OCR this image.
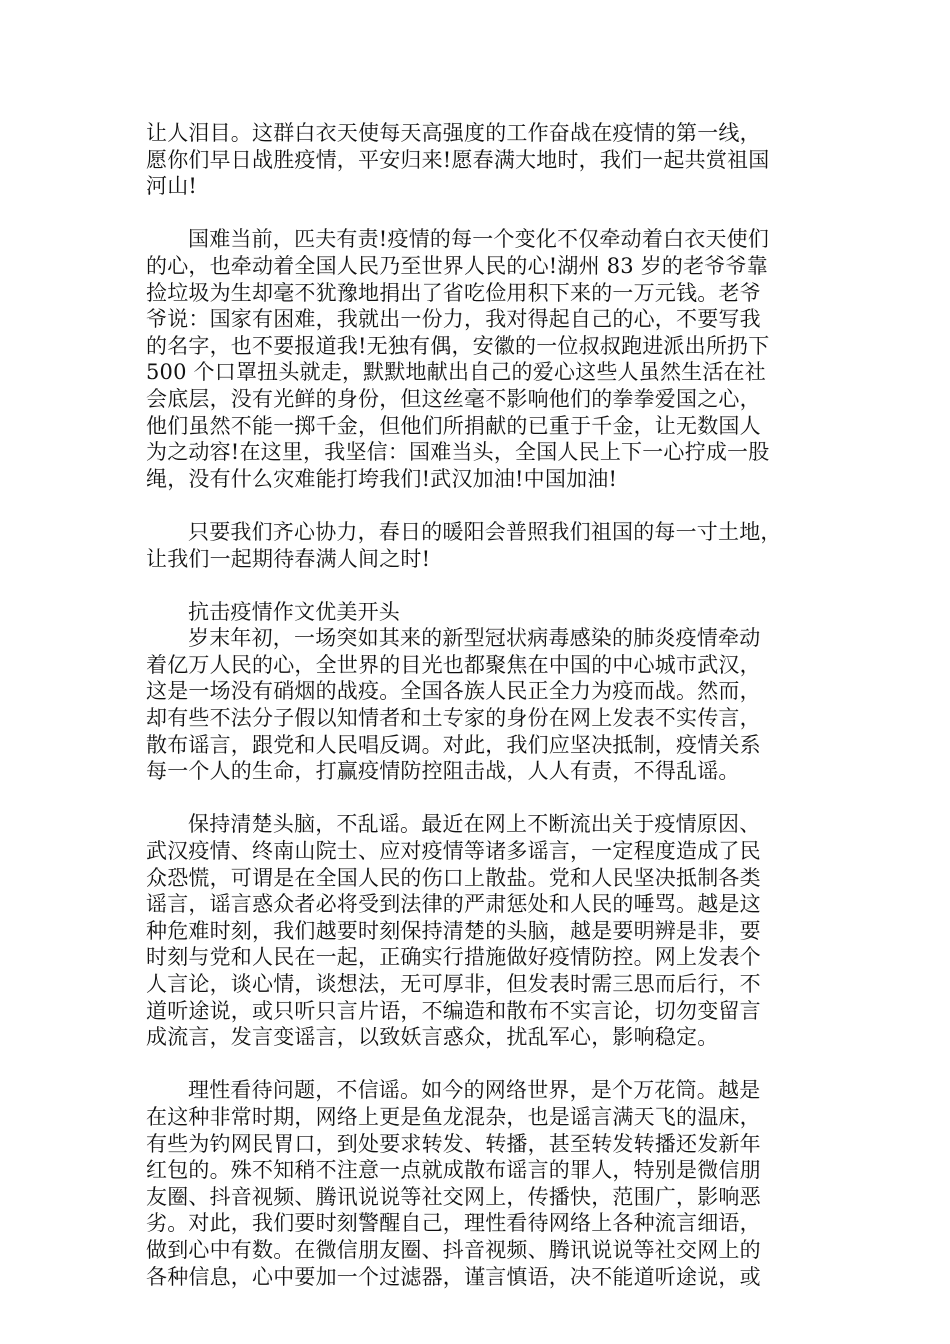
让人泪目。这群白衣天使每天高强度的工作奋战在疫情的第一线，
愿你们早日战胜疫情，平安归来!愿春满大地时，我们一起共赏祖国
河山!
国难当前，匹夫有责!疫情的每一个变化不仅牵动着白衣天使们
的心，也牵动着全国人民乃至世界人民的心!湖州 83 岁的老爷爷靠
捡垃圾为生却毫不犹豫地捐出了省吃俭用积下来的一万元钱。老爷
爷说：国家有困难，我就出一份力，我对得起自己的心，不要写我
的名字，也不要报道我!无独有偶，安徽的一位叔叔跑进派出所扔下
500 个口罩扭头就走，默默地献出自己的爱心这些人虽然生活在社
会底层，没有光鲜的身份，但这丝毫不影响他们的拳拳爱国之心，
他们虽然不能一掷千金，但他们所捐献的已重于千金，让无数国人
为之动容!在这里，我坚信：国难当头，全国人民上下一心拧成一股
绳，没有什么灾难能打垮我们!武汉加油!中国加油!
只要我们齐心协力，春日的暖阳会普照我们祖国的每一寸土地，
让我们一起期待春满人间之时!
抗击疫情作文优美开头
岁末年初，一场突如其来的新型冠状病毒感染的肺炎疫情牵动
着亿万人民的心，全世界的目光也都聚焦在中国的中心城市武汉，
这是一场没有硝烟的战疫。全国各族人民正全力为疫而战。然而，
却有些不法分子假以知情者和土专家的身份在网上发表不实传言，
散布谣言，跟党和人民唱反调。对此，我们应坚决抵制，疫情关系
每一个人的生命，打赢疫情防控阻击战，人人有责，不得乱谣。
保持清楚头脑，不乱谣。最近在网上不断流出关于疫情原因、
武汉疫情、终南山院士、应对疫情等诸多谣言，一定程度造成了民
众恐慌，可谓是在全国人民的伤口上散盐。党和人民坚决抵制各类
谣言，谣言惑众者必将受到法律的严肃惩处和人民的唾骂。越是这
种危难时刻，我们越要时刻保持清楚的头脑，越是要明辨是非，要
时刻与党和人民在一起，正确实行措施做好疫情防控。网上发表个
人言论，谈心情，谈想法，无可厚非，但发表时需三思而后行，不
道听途说，或只听只言片语，不编造和散布不实言论，切勿变留言
成流言，发言变谣言，以致妖言惑众，扰乱军心，影响稳定。
理性看待问题，不信谣。如今的网络世界，是个万花筒。越是
在这种非常时期，网络上更是鱼龙混杂，也是谣言满天飞的温床，
有些为钓网民胃口，到处要求转发、转播，甚至转发转播还发新年
红包的。殊不知稍不注意一点就成散布谣言的罪人，特别是微信朋
友圈、抖音视频、腾讯说说等社交网上，传播快，范围广，影响恶
劣。对此，我们要时刻警醒自己，理性看待网络上各种流言细语，
做到心中有数。在微信朋友圈、抖音视频、腾讯说说等社交网上的
各种信息，心中要加一个过滤器，谨言慎语，决不能道听途说，或
